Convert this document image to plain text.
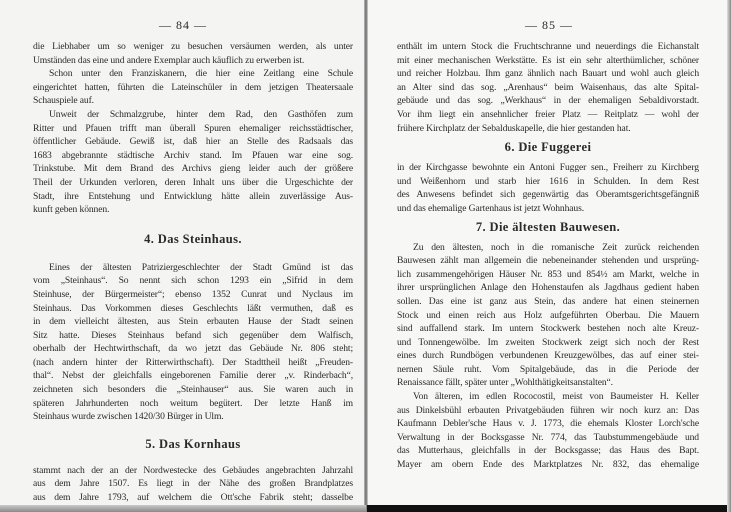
— 84 —
die Liebhaber um so weniger zu besuchen versäumen werden, als unter
Umständen das eine und andere Exemplar auch käuflich zu erwerben ist.
Schon unter den Franziskanern, die hier eine Zeitlang eine Schule
eingerichtet hatten, führten die Lateinschüler in dem jetzigen Theatersaale
Schauspiele auf.
Unweit der Schmalzgrube, hinter dem Rad, den Gasthöfen zum
Ritter und Pfauen trifft man überall Spuren ehemaliger reichsstädtischer,
öffentlicher Gebäude. Gewiß ist, daß hier an Stelle des Radsaals das
1683 abgebrannte städtische Archiv stand. Im Pfauen war eine sog.
Trinkstube. Mit dem Brand des Archivs gieng leider auch der größere
Theil der Urkunden verloren, deren Inhalt uns über die Urgeschichte der
Stadt, ihre Entstehung und Entwicklung hätte allein zuverlässige Aus-
kunft geben können.
4. Das Steinhaus.
Eines der ältesten Patriziergeschlechter der Stadt Gmünd ist das
vom „Steinhaus“. So nennt sich schon 1293 ein „Sifrid in dem
Steinhuse, der Bürgermeister“; ebenso 1352 Cunrat und Nyclaus im
Steinhaus. Das Vorkommen dieses Geschlechts läßt vermuthen, daß es
in dem vielleicht ältesten, aus Stein erbauten Hause der Stadt seinen
Sitz hatte. Dieses Steinhaus befand sich gegenüber dem Walfisch,
oberhalb der Hechtwirthschaft, da wo jetzt das Gebäude Nr. 806 steht;
(nach andern hinter der Ritterwirthschaft). Der Stadttheil heißt „Freuden-
thal“. Nebst der gleichfalls eingeborenen Familie derer „v. Rinderbach“,
zeichneten sich besonders die „Steinhauser“ aus. Sie waren auch in
späteren Jahrhunderten noch weitum begütert. Der letzte Hanß im
Steinhaus wurde zwischen 1420/30 Bürger in Ulm.
5. Das Kornhaus
stammt nach der an der Nordwestecke des Gebäudes angebrachten Jahrzahl
aus dem Jahre 1507. Es liegt in der Nähe des großen Brandplatzes
aus dem Jahre 1793, auf welchem die Ott'sche Fabrik steht; dasselbe
— 85 —
enthält im untern Stock die Fruchtschranne und neuerdings die Eichanstalt
mit einer mechanischen Werkstätte. Es ist ein sehr alterthümlicher, schöner
und reicher Holzbau. Ihm ganz ähnlich nach Bauart und wohl auch gleich
an Alter sind das sog. „Arenhaus“ beim Waisenhaus, das alte Spital-
gebäude und das sog. „Werkhaus“ in der ehemaligen Sebaldivorstadt.
Vor ihm liegt ein ansehnlicher freier Platz — Reitplatz — wohl der
frühere Kirchplatz der Sebalduskapelle, die hier gestanden hat.
6. Die Fuggerei
in der Kirchgasse bewohnte ein Antoni Fugger sen., Freiherr zu Kirchberg
und Weißenhorn und starb hier 1616 in Schulden. In dem Rest
des Anwesens befindet sich gegenwärtig das Oberamtsgerichtsgefängniß
und das ehemalige Gartenhaus ist jetzt Wohnhaus.
7. Die ältesten Bauwesen.
Zu den ältesten, noch in die romanische Zeit zurück reichenden
Bauwesen zählt man allgemein die nebeneinander stehenden und ursprüng-
lich zusammengehörigen Häuser Nr. 853 und 854½ am Markt, welche in
ihrer ursprünglichen Anlage den Hohenstaufen als Jagdhaus gedient haben
sollen. Das eine ist ganz aus Stein, das andere hat einen steinernen
Stock und einen reich aus Holz aufgeführten Oberbau. Die Mauern
sind auffallend stark. Im untern Stockwerk bestehen noch alte Kreuz-
und Tonnengewölbe. Im zweiten Stockwerk zeigt sich noch der Rest
eines durch Rundbögen verbundenen Kreuzgewölbes, das auf einer stei-
nernen Säule ruht. Vom Spitalgebäude, das in die Periode der
Renaissance fällt, später unter „Wohlthätigkeitsanstalten“.
Von älteren, im edlen Rococostil, meist von Baumeister H. Keller
aus Dinkelsbühl erbauten Privatgebäuden führen wir noch kurz an: Das
Kaufmann Debler'sche Haus v. J. 1773, die ehemals Kloster Lorch'sche
Verwaltung in der Bocksgasse Nr. 774, das Taubstummengebäude und
das Mutterhaus, gleichfalls in der Bocksgasse; das Haus des Bapt.
Mayer am obern Ende des Marktplatzes Nr. 832, das ehemalige
